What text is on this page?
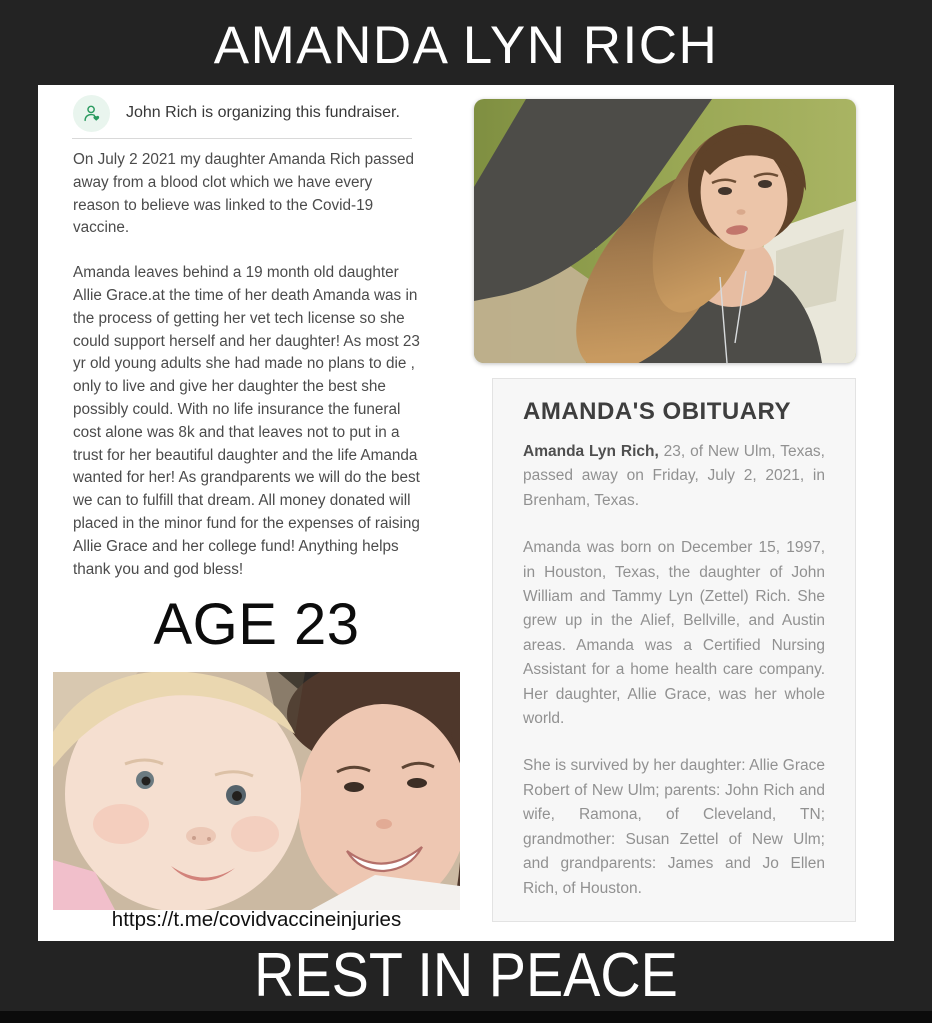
AMANDA LYN RICH
John Rich is organizing this fundraiser.

On July 2 2021 my daughter Amanda Rich passed away from a blood clot which we have every reason to believe was linked to the Covid-19 vaccine.

Amanda leaves behind a 19 month old daughter Allie Grace.at the time of her death Amanda was in the process of getting her vet tech license so she could support herself and her daughter! As most 23 yr old young adults she had made no plans to die , only to live and give her daughter the best she possibly could. With no life insurance the funeral cost alone was 8k and that leaves not to put in a trust for her beautiful daughter and the life Amanda wanted for her! As grandparents we will do the best we can to fulfill that dream. All money donated will placed in the minor fund for the expenses of raising Allie Grace and her college fund! Anything helps thank you and god bless!

AGE 23
https://t.me/covidvaccineinjuries
AMANDA'S OBITUARY

Amanda Lyn Rich, 23, of New Ulm, Texas, passed away on Friday, July 2, 2021, in Brenham, Texas.

Amanda was born on December 15, 1997, in Houston, Texas, the daughter of John William and Tammy Lyn (Zettel) Rich. She grew up in the Alief, Bellville, and Austin areas. Amanda was a Certified Nursing Assistant for a home health care company. Her daughter, Allie Grace, was her whole world.

She is survived by her daughter: Allie Grace Robert of New Ulm; parents: John Rich and wife, Ramona, of Cleveland, TN; grandmother: Susan Zettel of New Ulm; and grandparents: James and Jo Ellen Rich, of Houston.

REST IN PEACE
